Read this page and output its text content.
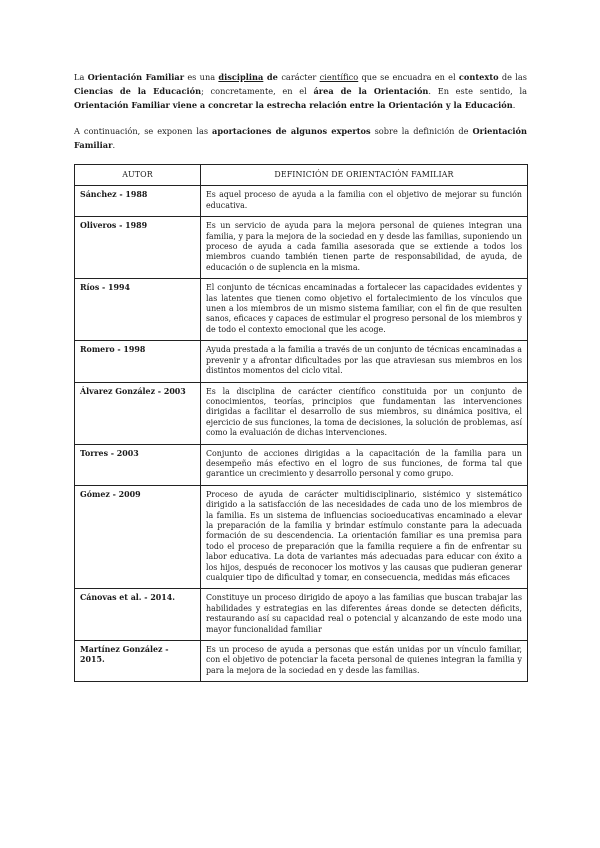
La Orientación Familiar es una disciplina de carácter científico que se encuadra en el contexto de las Ciencias de la Educación; concretamente, en el área de la Orientación. En este sentido, la Orientación Familiar viene a concretar la estrecha relación entre la Orientación y la Educación.

A continuación, se exponen las aportaciones de algunos expertos sobre la definición de Orientación Familiar.

AUTOR	DEFINICIÓN DE ORIENTACIÓN FAMILIAR
Sánchez - 1988	Es aquel proceso de ayuda a la familia con el objetivo de mejorar su función educativa.
Oliveros - 1989	Es un servicio de ayuda para la mejora personal de quienes integran una familia, y para la mejora de la sociedad en y desde las familias, suponiendo un proceso de ayuda a cada familia asesorada que se extiende a todos los miembros cuando también tienen parte de responsabilidad, de ayuda, de educación o de suplencia en la misma.
Ríos - 1994	El conjunto de técnicas encaminadas a fortalecer las capacidades evidentes y las latentes que tienen como objetivo el fortalecimiento de los vínculos que unen a los miembros de un mismo sistema familiar, con el fin de que resulten sanos, eficaces y capaces de estimular el progreso personal de los miembros y de todo el contexto emocional que les acoge.
Romero - 1998	Ayuda prestada a la familia a través de un conjunto de técnicas encaminadas a prevenir y a afrontar dificultades por las que atraviesan sus miembros en los distintos momentos del ciclo vital.
Álvarez González - 2003	Es la disciplina de carácter científico constituida por un conjunto de conocimientos, teorías, principios que fundamentan las intervenciones dirigidas a facilitar el desarrollo de sus miembros, su dinámica positiva, el ejercicio de sus funciones, la toma de decisiones, la solución de problemas, así como la evaluación de dichas intervenciones.
Torres - 2003	Conjunto de acciones dirigidas a la capacitación de la familia para un desempeño más efectivo en el logro de sus funciones, de forma tal que garantice un crecimiento y desarrollo personal y como grupo.
Gómez - 2009	Proceso de ayuda de carácter multidisciplinario, sistémico y sistemático dirigido a la satisfacción de las necesidades de cada uno de los miembros de la familia. Es un sistema de influencias socioeducativas encaminado a elevar la preparación de la familia y brindar estímulo constante para la adecuada formación de su descendencia. La orientación familiar es una premisa para todo el proceso de preparación que la familia requiere a fin de enfrentar su labor educativa. La dota de variantes más adecuadas para educar con éxito a los hijos, después de reconocer los motivos y las causas que pudieran generar cualquier tipo de dificultad y tomar, en consecuencia, medidas más eficaces
Cánovas et al. - 2014.	Constituye un proceso dirigido de apoyo a las familias que buscan trabajar las habilidades y estrategias en las diferentes áreas donde se detecten déficits, restaurando así su capacidad real o potencial y alcanzando de este modo una mayor funcionalidad familiar
Martínez González - 2015.	Es un proceso de ayuda a personas que están unidas por un vínculo familiar, con el objetivo de potenciar la faceta personal de quienes integran la familia y para la mejora de la sociedad en y desde las familias.
